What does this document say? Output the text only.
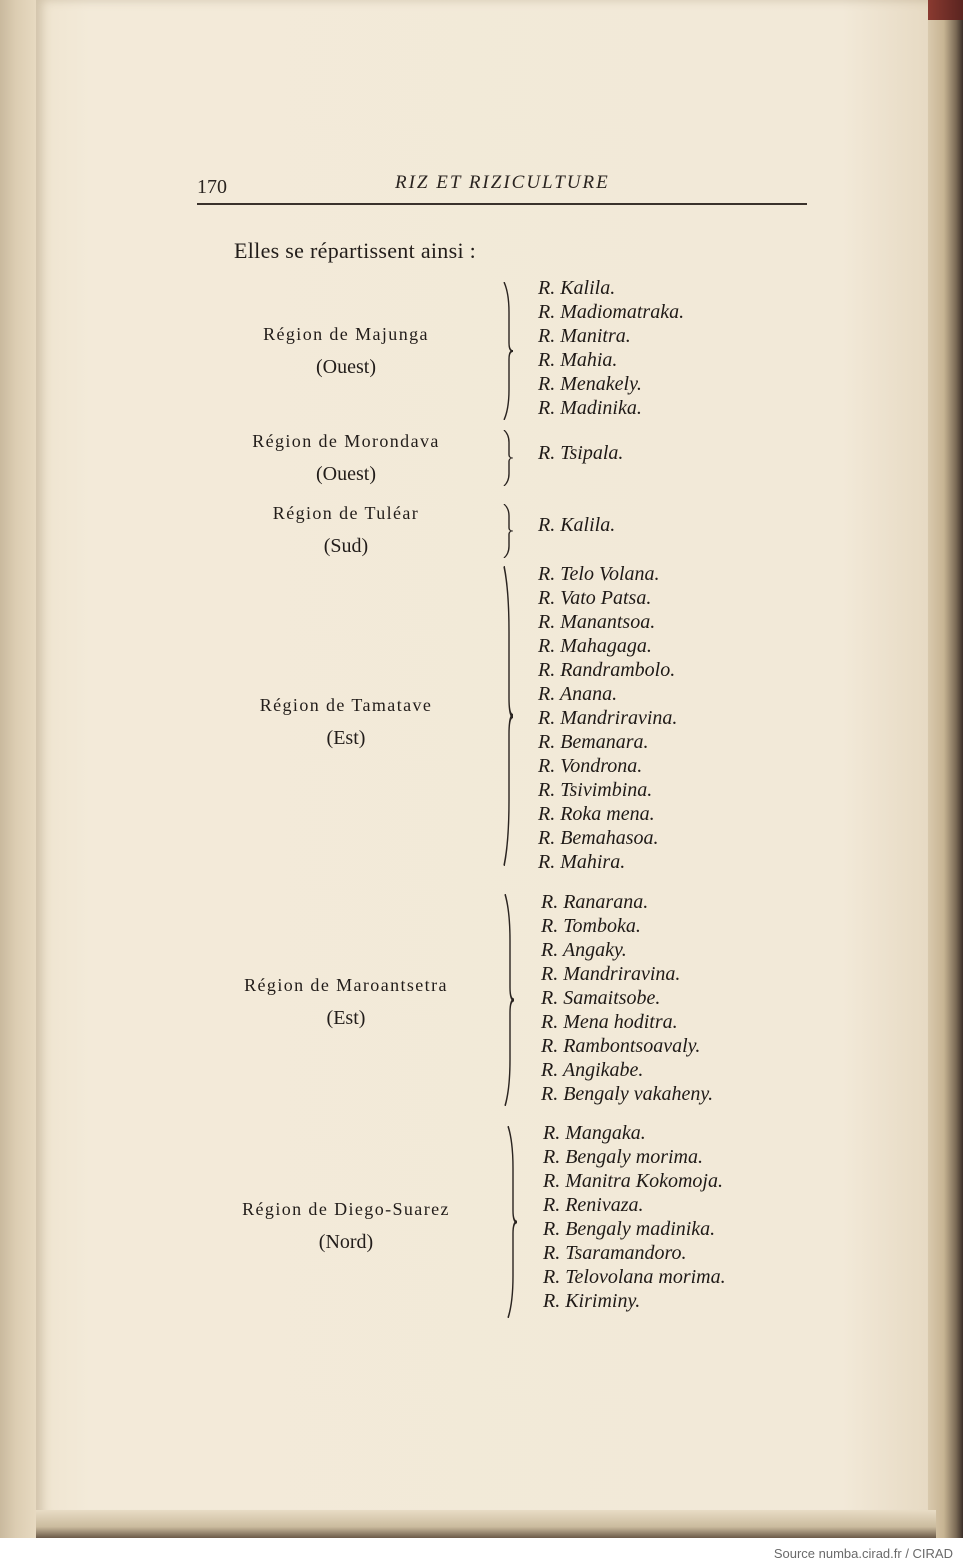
170	RIZ ET RIZICULTURE
Elles se répartissent ainsi :
Région de Majunga
(Ouest)
R. Kalila.
R. Madiomatraka.
R. Manitra.
R. Mahia.
R. Menakely.
R. Madinika.
Région de Morondava
(Ouest)
R. Tsipala.
Région de Tuléar
(Sud)
R. Kalila.
Région de Tamatave
(Est)
R. Telo Volana.
R. Vato Patsa.
R. Manantsoa.
R. Mahagaga.
R. Randrambolo.
R. Anana.
R. Mandriravina.
R. Bemanara.
R. Vondrona.
R. Tsivimbina.
R. Roka mena.
R. Bemahasoa.
R. Mahira.
Région de Maroantsetra
(Est)
R. Ranarana.
R. Tomboka.
R. Angaky.
R. Mandriravina.
R. Samaitsobe.
R. Mena hoditra.
R. Rambontsoavaly.
R. Angikabe.
R. Bengaly vakaheny.
Région de Diego-Suarez
(Nord)
R. Mangaka.
R. Bengaly morima.
R. Manitra Kokomoja.
R. Renivaza.
R. Bengaly madinika.
R. Tsaramandoro.
R. Telovolana morima.
R. Kiriminy.
Source numba.cirad.fr / CIRAD
